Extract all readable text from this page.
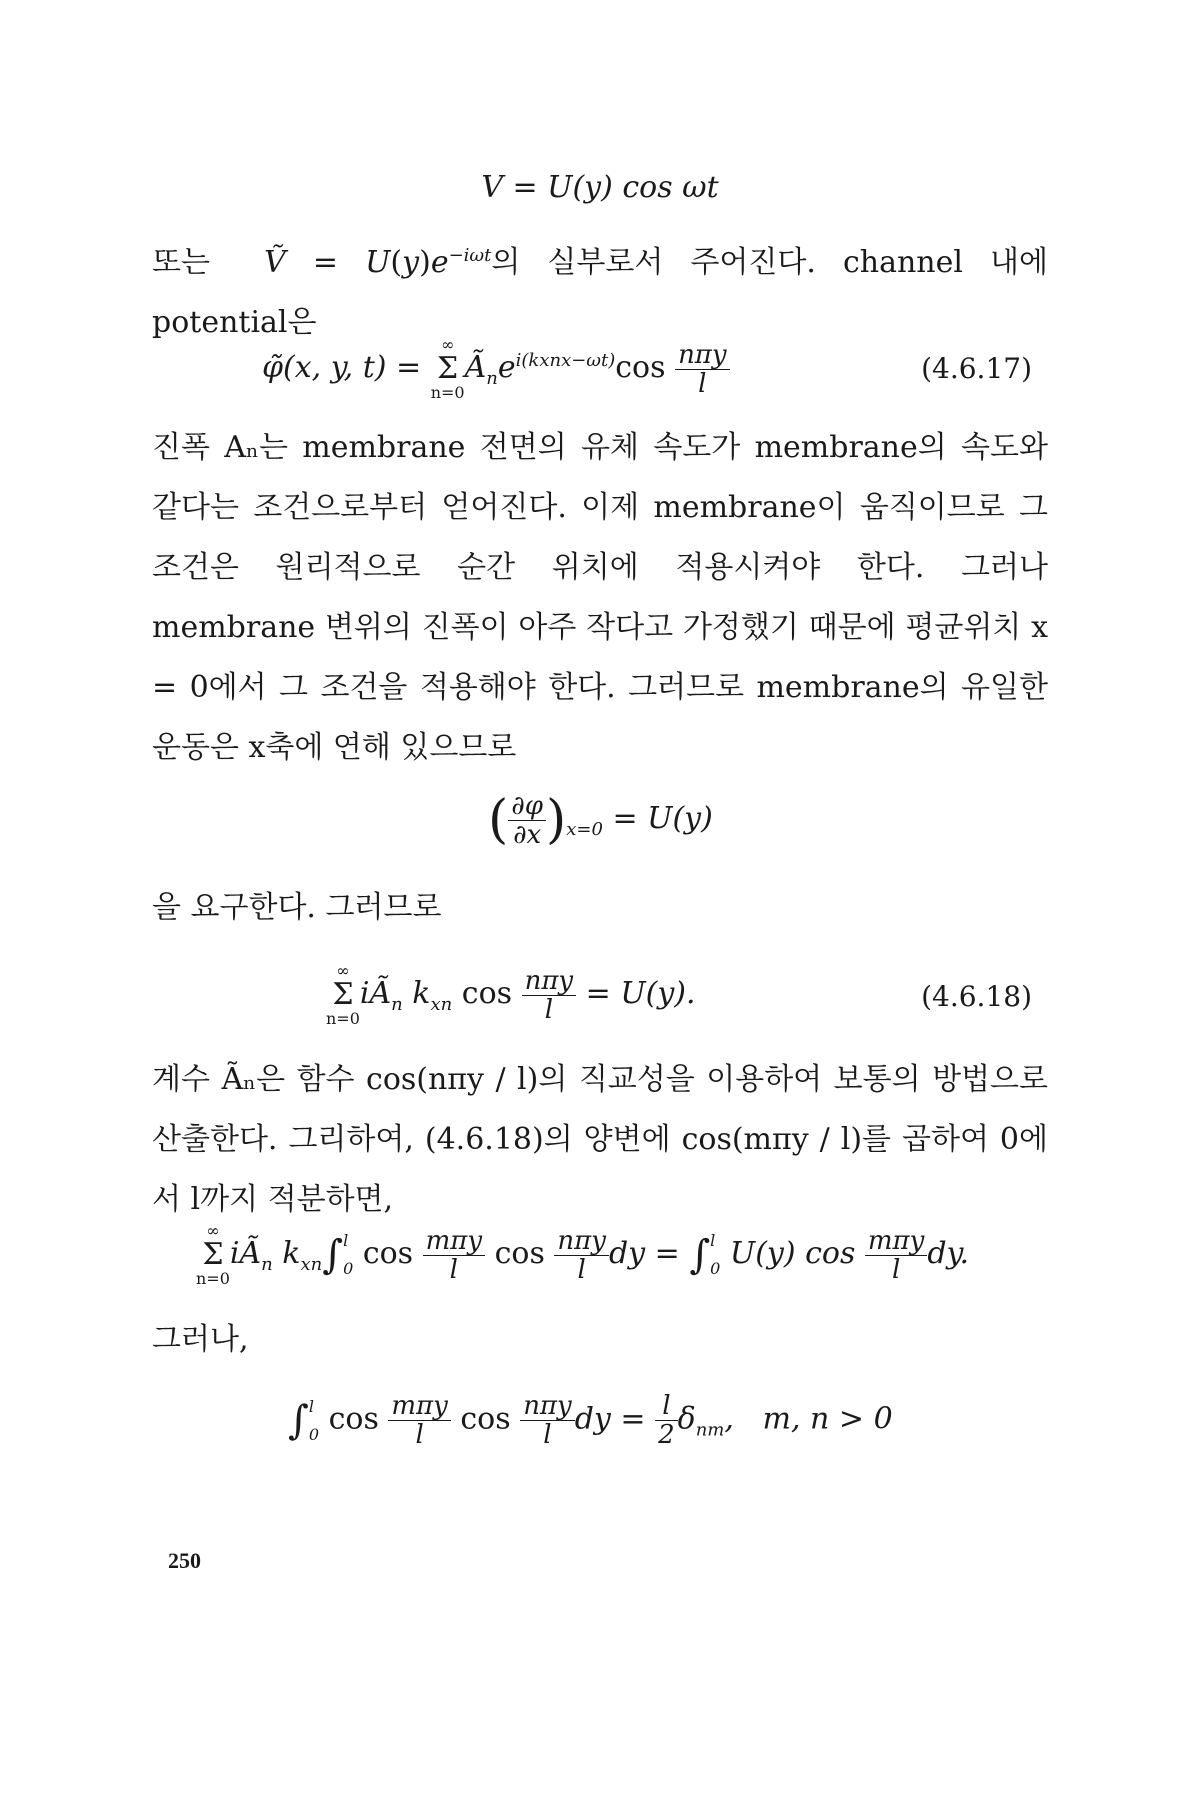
V = U(y) cos ωt
또는 Ṽ = $U(y)e^{-i\omega t}$의 실부로서 주어진다. channel 내에 potential은
φ̃(x, y, t) =
∞
Σ
n=0
$Ã_ne^{i(kxnx-\omega t)}\cos \frac{\text{nπy}}{l}$	(4.6.17)
진폭 Aₙ는 membrane 전면의 유체 속도가 membrane의 속도와 같다는 조건으로부터 얻어진다. 이제 membrane이 움직이므로 그 조건은 원리적으로 순간 위치에 적용시켜야 한다. 그러나 membrane 변위의 진폭이 아주 작다고 가정했기 때문에 평균위치 x = 0에서 그 조건을 적용해야 한다. 그러므로 membrane의 유일한 운동은 x축에 연해 있으므로
( $\frac{\partial\varphi}{\partial x} )_{x=0} = U(y)$
을 요구한다. 그러므로
∞
Σ
n=0
$iÃ_n$ $k_{xn}$ $\cos \frac{\text{nπy}}{l} = U(y)$.	(4.6.18)
계수 Ãₙ은 함수 cos(nπy / l)의 직교성을 이용하여 보통의 방법으로 산출한다. 그리하여, (4.6.18)의 양변에 cos(mπy / l)를 곱하여 0에서 l까지 적분하면,
∞
Σ
n=0
$iÃ_n$ $k_{xn}\int$ l
0 $\cos \frac{\text{mπy}}{l}$ $\cos \frac{\text{nπy}}{l}$ dy = ∫ l
0 U(y) $\cos \frac{\text{mπy}}{l}$ dy.
그러나,
∫ l
0 $\cos \frac{\text{mπy}}{l}$ $\cos \frac{\text{nπy}}{l}$ dy = $\frac{l}{2} \delta_{nm}$,   m, n > 0
250
